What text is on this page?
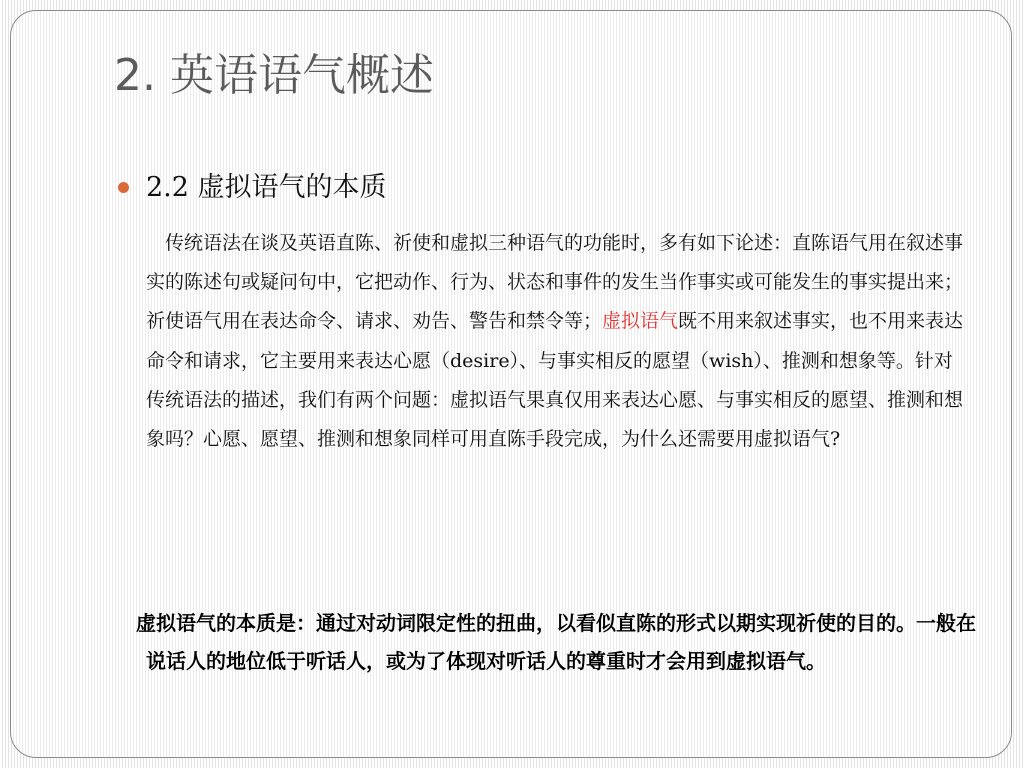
2. 英语语气概述
2.2 虚拟语气的本质

传统语法在谈及英语直陈、祈使和虚拟三种语气的功能时，多有如下论述：直陈语气用在叙述事实的陈述句或疑问句中，它把动作、行为、状态和事件的发生当作事实或可能发生的事实提出来；祈使语气用在表达命令、请求、劝告、警告和禁令等；虚拟语气既不用来叙述事实，也不用来表达命令和请求，它主要用来表达心愿（desire）、与事实相反的愿望（wish）、推测和想象等。针对传统语法的描述，我们有两个问题：虚拟语气果真仅用来表达心愿、与事实相反的愿望、推测和想象吗？心愿、愿望、推测和想象同样可用直陈手段完成，为什么还需要用虚拟语气?

虚拟语气的本质是：通过对动词限定性的扭曲，以看似直陈的形式以期实现祈使的目的。一般在说话人的地位低于听话人，或为了体现对听话人的尊重时才会用到虚拟语气。
